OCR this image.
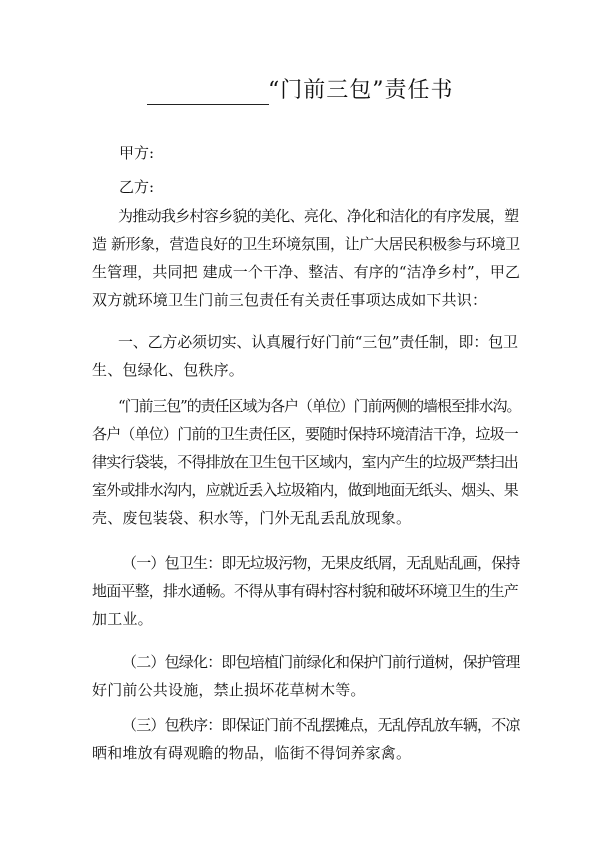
“门前三包”责任书
甲方:
乙方:
为推动我乡村容乡貌的美化、亮化、净化和洁化的有序发展，塑
造 新形象，营造良好的卫生环境氛围，让广大居民积极参与环境卫
生管理，共同把 建成一个干净、整洁、有序的“洁净乡村”，甲乙
双方就环境卫生门前三包责任有关责任事项达成如下共识：
一、乙方必须切实、认真履行好门前“三包”责任制，即：包卫
生、包绿化、包秩序。
“门前三包”的责任区域为各户（单位）门前两侧的墙根至排水沟。
各户（单位）门前的卫生责任区，要随时保持环境清洁干净，垃圾一
律实行袋装，不得排放在卫生包干区域内，室内产生的垃圾严禁扫出
室外或排水沟内，应就近丢入垃圾箱内，做到地面无纸头、烟头、果
壳、废包装袋、积水等，门外无乱丢乱放现象。
（一）包卫生：即无垃圾污物，无果皮纸屑，无乱贴乱画，保持
地面平整，排水通畅。不得从事有碍村容村貌和破坏环境卫生的生产
加工业。
（二）包绿化：即包培植门前绿化和保护门前行道树，保护管理
好门前公共设施，禁止损坏花草树木等。
（三）包秩序：即保证门前不乱摆摊点，无乱停乱放车辆，不凉
晒和堆放有碍观瞻的物品，临街不得饲养家禽。
